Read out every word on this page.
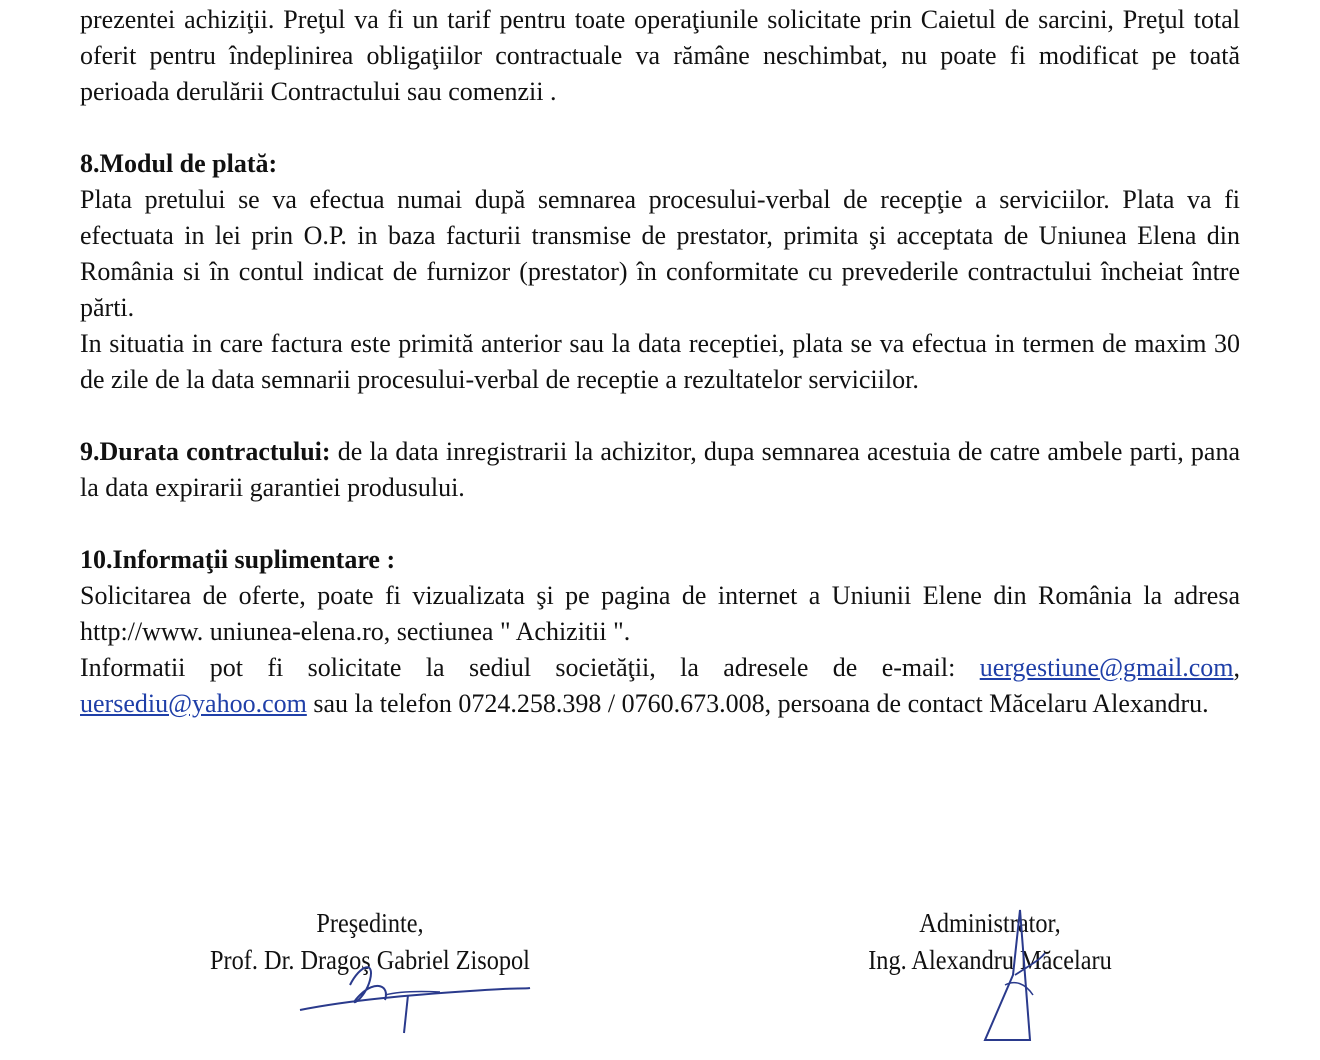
prezentei achiziţii. Preţul va fi un tarif pentru toate operaţiunile solicitate prin Caietul de sarcini, Preţul total oferit pentru îndeplinirea obligaţiilor contractuale va rămâne neschimbat, nu poate fi modificat pe toată perioada derulării Contractului sau comenzii .

8.Modul de plată:

Plata pretului se va efectua numai după semnarea procesului-verbal de recepţie a serviciilor. Plata va fi efectuata in lei prin O.P. in baza facturii transmise de prestator, primita şi acceptata de Uniunea Elena din România si în contul indicat de furnizor (prestator) în conformitate cu prevederile contractului încheiat între părti.

In situatia in care factura este primită anterior sau la data receptiei, plata se va efectua in termen de maxim 30 de zile de la data semnarii procesului-verbal de receptie a rezultatelor serviciilor.

9.Durata contractului: de la data inregistrarii la achizitor, dupa semnarea acestuia de catre ambele parti, pana la data expirarii garantiei produsului.

10.Informaţii suplimentare :

Solicitarea de oferte, poate fi vizualizata şi pe pagina de internet a Uniunii Elene din România la adresa http://www. uniunea-elena.ro, sectiunea " Achizitii ".

Informatii pot fi solicitate la sediul societăţii, la adresele de e-mail: uergestiune@gmail.com, uersediu@yahoo.com sau la telefon 0724.258.398 / 0760.673.008, persoana de contact Măcelaru Alexandru.

Preşedinte,
Prof. Dr. Dragoş Gabriel Zisopol
Administrator,
Ing. Alexandru Măcelaru
